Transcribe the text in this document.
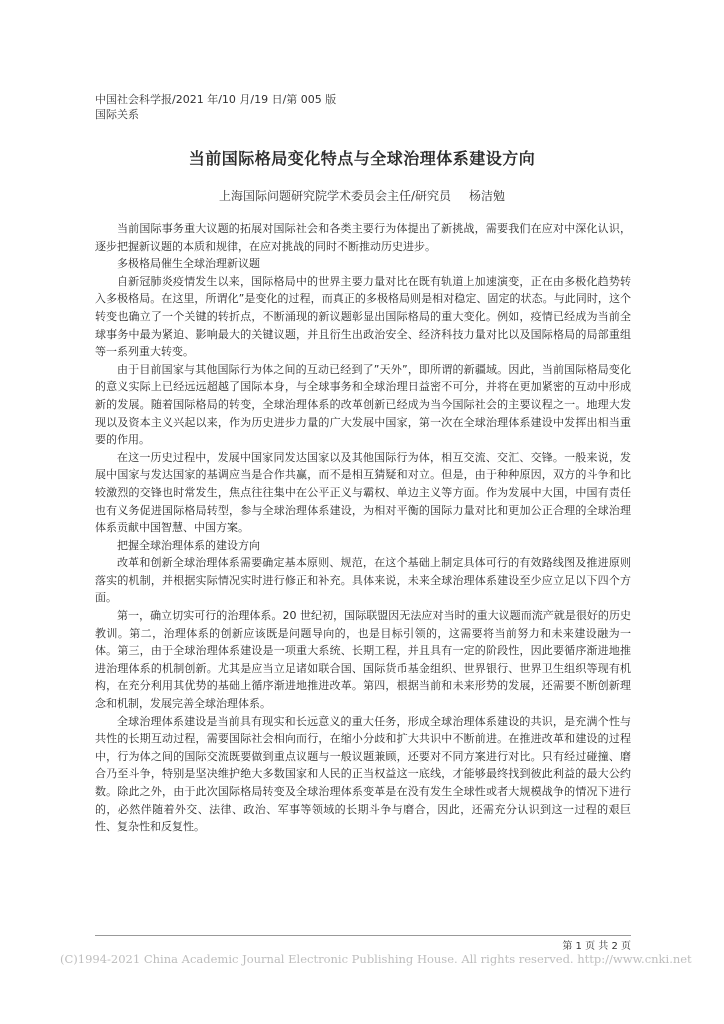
中国社会科学报/2021 年/10 月/19 日/第 005 版
国际关系
当前国际格局变化特点与全球治理体系建设方向
上海国际问题研究院学术委员会主任/研究员 杨洁勉

当前国际事务重大议题的拓展对国际社会和各类主要行为体提出了新挑战，需要我们在应对中深化认识，逐步把握新议题的本质和规律，在应对挑战的同时不断推动历史进步。

多极格局催生全球治理新议题

自新冠肺炎疫情发生以来，国际格局中的世界主要力量对比在既有轨道上加速演变，正在由多极化趋势转入多极格局。在这里，所谓化”是变化的过程，而真正的多极格局则是相对稳定、固定的状态。与此同时，这个转变也确立了一个关键的转折点，不断涌现的新议题彰显出国际格局的重大变化。例如，疫情已经成为当前全球事务中最为紧迫、影响最大的关键议题，并且衍生出政治安全、经济科技力量对比以及国际格局的局部重组等一系列重大转变。

由于目前国家与其他国际行为体之间的互动已经到了”天外”，即所谓的新疆域。因此，当前国际格局变化的意义实际上已经远远超越了国际本身，与全球事务和全球治理日益密不可分，并将在更加紧密的互动中形成新的发展。随着国际格局的转变，全球治理体系的改革创新已经成为当今国际社会的主要议程之一。地理大发现以及资本主义兴起以来，作为历史进步力量的广大发展中国家，第一次在全球治理体系建设中发挥出相当重要的作用。

在这一历史过程中，发展中国家同发达国家以及其他国际行为体，相互交流、交汇、交锋。一般来说，发展中国家与发达国家的基调应当是合作共赢，而不是相互猜疑和对立。但是，由于种种原因，双方的斗争和比较激烈的交锋也时常发生，焦点往往集中在公平正义与霸权、单边主义等方面。作为发展中大国，中国有责任也有义务促进国际格局转型，参与全球治理体系建设，为相对平衡的国际力量对比和更加公正合理的全球治理体系贡献中国智慧、中国方案。

把握全球治理体系的建设方向

改革和创新全球治理体系需要确定基本原则、规范，在这个基础上制定具体可行的有效路线图及推进原则落实的机制，并根据实际情况实时进行修正和补充。具体来说，未来全球治理体系建设至少应立足以下四个方面。

第一，确立切实可行的治理体系。20 世纪初，国际联盟因无法应对当时的重大议题而流产就是很好的历史教训。第二，治理体系的创新应该既是问题导向的，也是目标引领的，这需要将当前努力和未来建设融为一体。第三，由于全球治理体系建设是一项重大系统、长期工程，并且具有一定的阶段性，因此要循序渐进地推进治理体系的机制创新。尤其是应当立足诸如联合国、国际货币基金组织、世界银行、世界卫生组织等现有机构，在充分利用其优势的基础上循序渐进地推进改革。第四，根据当前和未来形势的发展，还需要不断创新理念和机制，发展完善全球治理体系。

全球治理体系建设是当前具有现实和长远意义的重大任务，形成全球治理体系建设的共识，是充满个性与共性的长期互动过程，需要国际社会相向而行，在缩小分歧和扩大共识中不断前进。在推进改革和建设的过程中，行为体之间的国际交流既要做到重点议题与一般议题兼顾，还要对不同方案进行对比。只有经过碰撞、磨合乃至斗争，特别是坚决维护绝大多数国家和人民的正当权益这一底线，才能够最终找到彼此利益的最大公约数。除此之外，由于此次国际格局转变及全球治理体系变革是在没有发生全球性或者大规模战争的情况下进行的，必然伴随着外交、法律、政治、军事等领域的长期斗争与磨合，因此，还需充分认识到这一过程的艰巨性、复杂性和反复性。

第 1 页 共 2 页
(C)1994-2021 China Academic Journal Electronic Publishing House. All rights reserved. http://www.cnki.net
